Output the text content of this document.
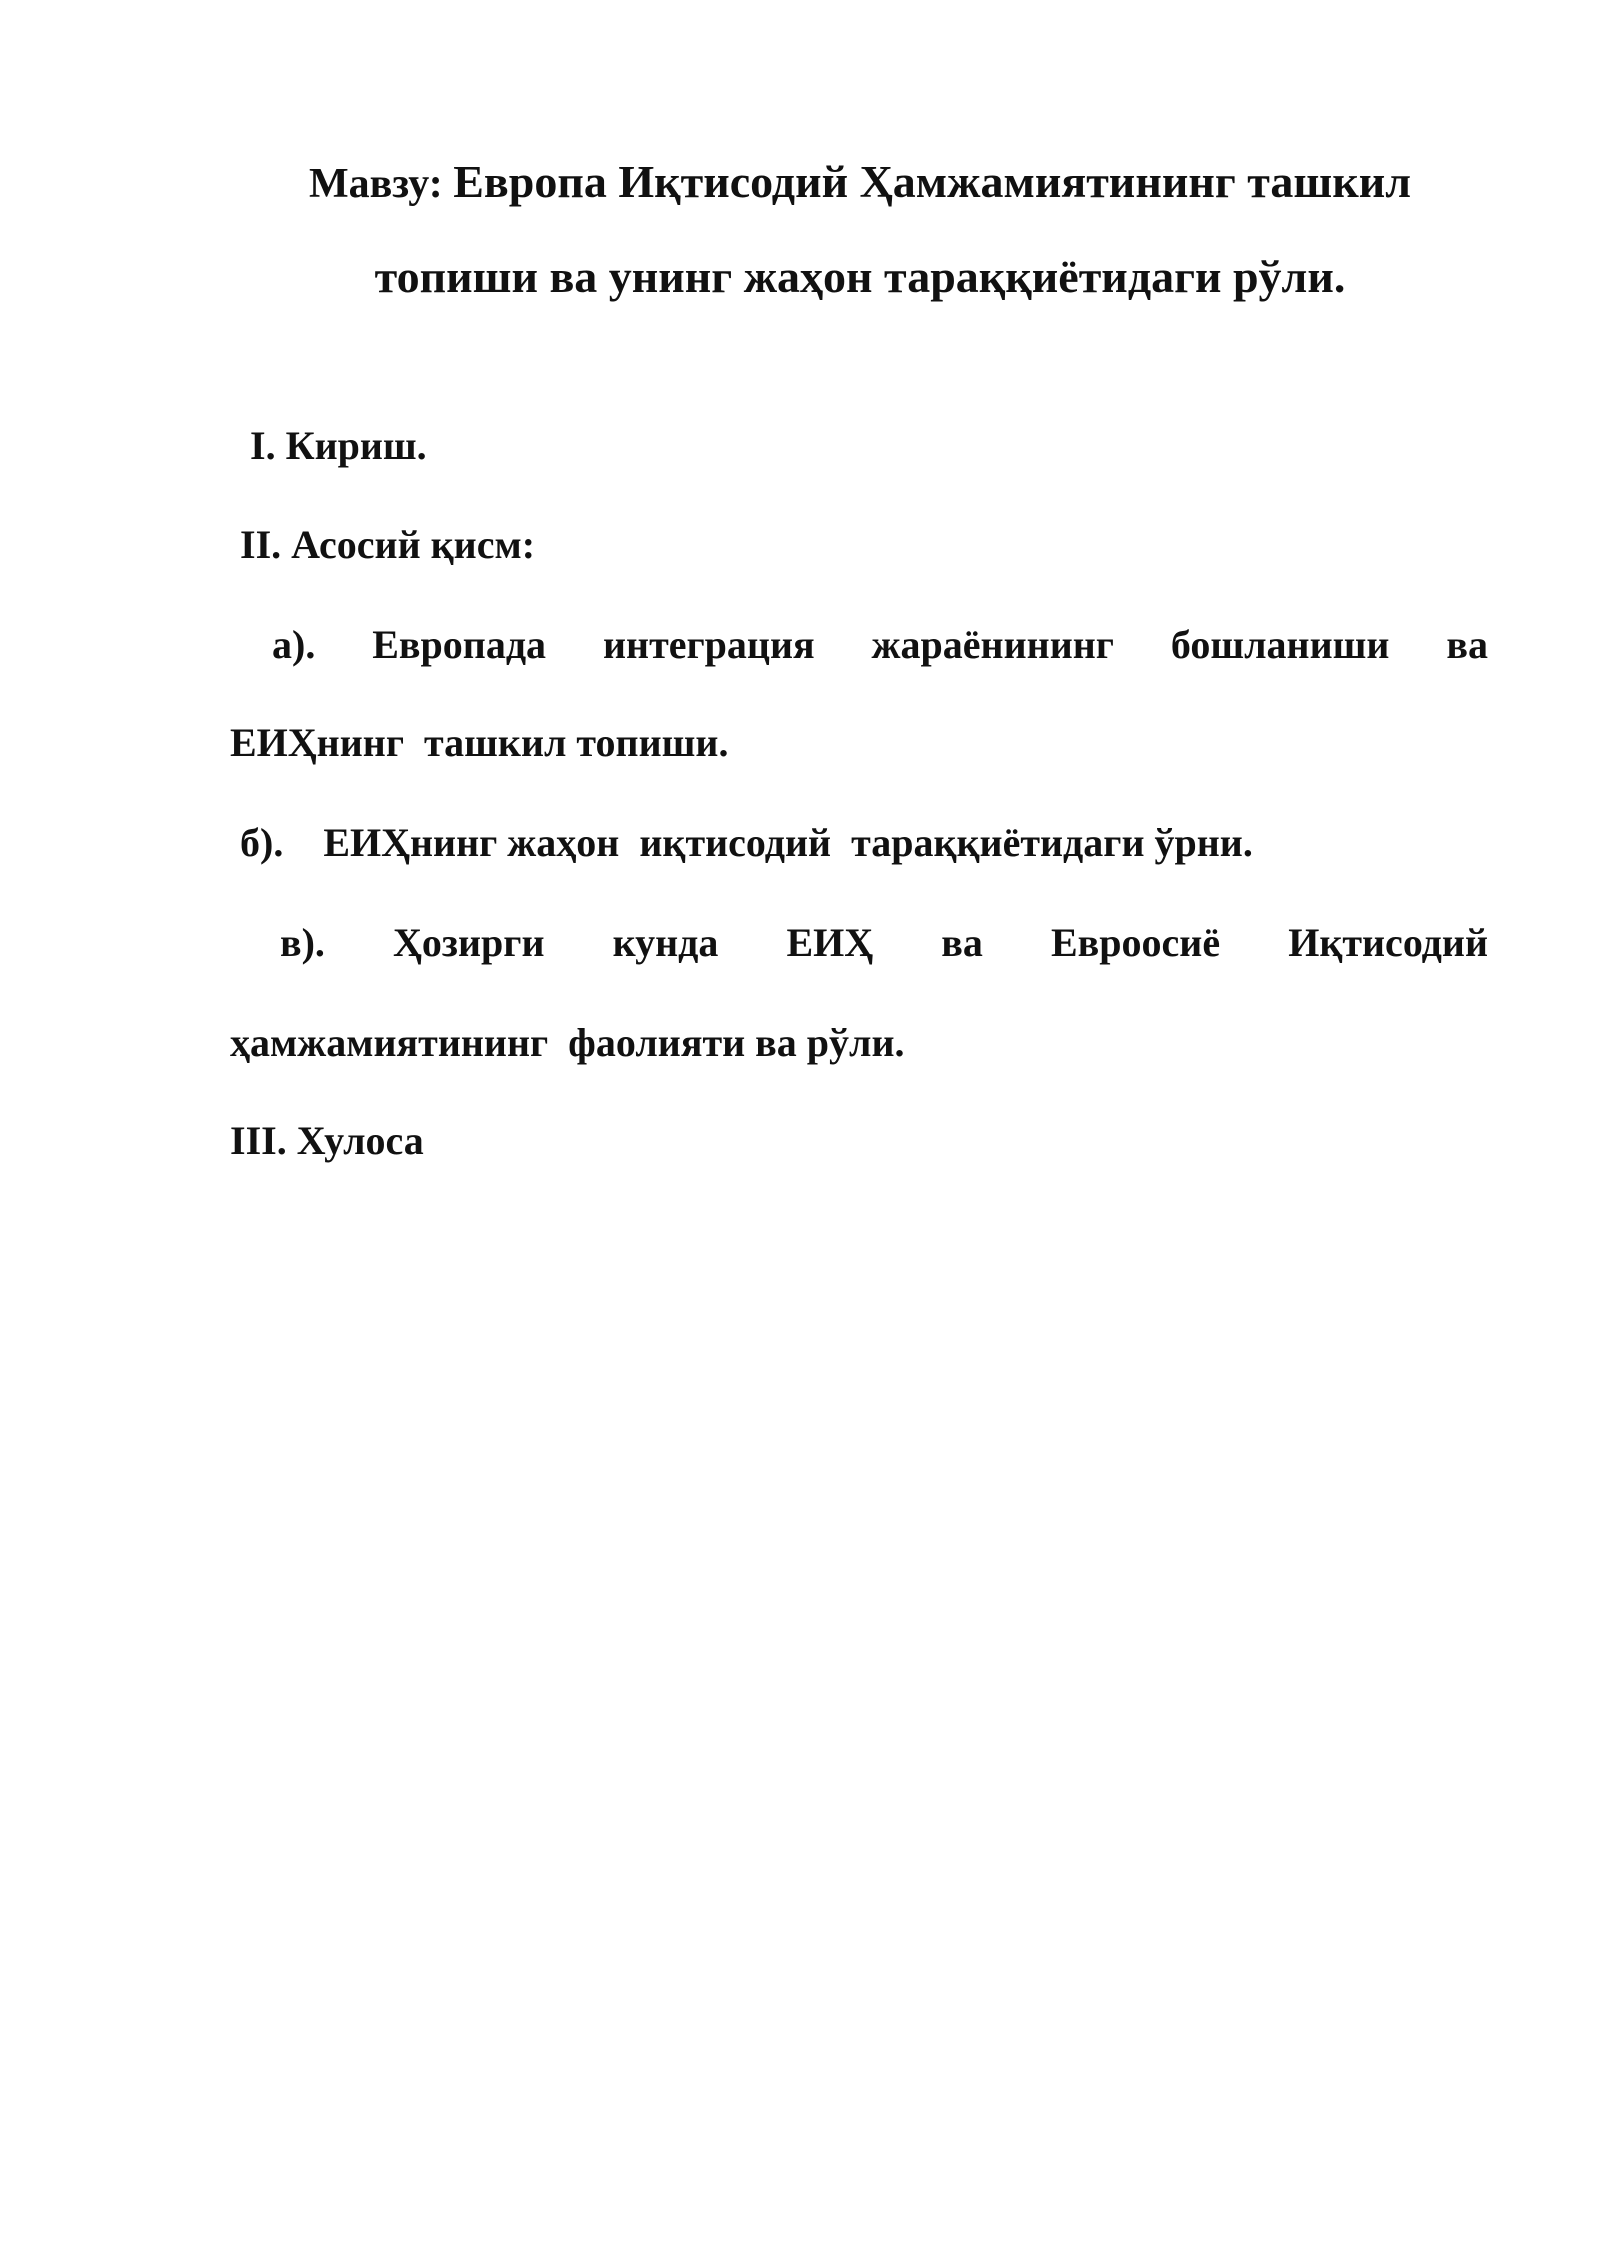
Мавзу: Европа Иқтисодий Ҳамжамиятининг ташкил топиши ва унинг жаҳон тараққиётидаги рўли.
I. Кириш.
II. Асосий қисм:
а). Европада интеграция жараёнининг бошланиши ва
ЕИҲнинг  ташкил топиши.
б).    ЕИҲнинг жаҳон  иқтисодий  тараққиётидаги ўрни.
в). Ҳозирги кунда ЕИҲ ва Евроосиё Иқтисодий
ҳамжамиятининг  фаолияти ва рўли.
III. Хулоса
